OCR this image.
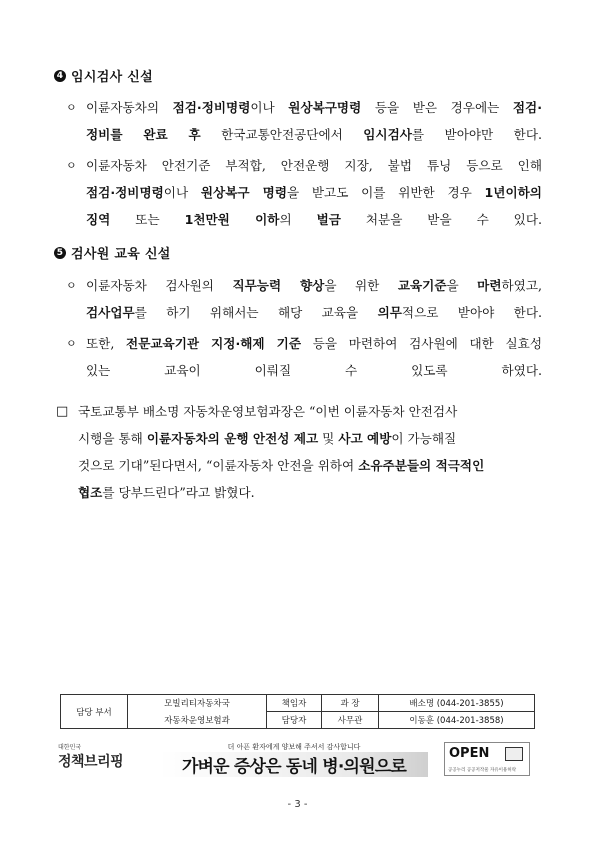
4 임시검사 신설
ㅇ 이륜자동차의 점검·정비명령이나 원상복구명령 등을 받은 경우에는 점검·
정비를 완료 후 한국교통안전공단에서 임시검사를 받아야만 한다.
ㅇ 이륜자동차 안전기준 부적합, 안전운행 지장, 불법 튜닝 등으로 인해
점검·정비명령이나 원상복구 명령을 받고도 이를 위반한 경우 1년이하의
징역 또는 1천만원 이하의 벌금 처분을 받을 수 있다.
5 검사원 교육 신설
ㅇ 이륜자동차 검사원의 직무능력 향상을 위한 교육기준을 마련하였고,
검사업무를 하기 위해서는 해당 교육을 의무적으로 받아야 한다.
ㅇ 또한, 전문교육기관 지정·해제 기준 등을 마련하여 검사원에 대한 실효성
있는 교육이 이뤄질 수 있도록 하였다.
□ 국토교통부 배소명 자동차운영보험과장은 “이번 이륜자동차 안전검사
시행을 통해 이륜자동차의 운행 안전성 제고 및 사고 예방이 가능해질
것으로 기대”된다면서, “이륜자동차 안전을 위하여 소유주분들의 적극적인
협조를 당부드린다”라고 밝혔다.
담당 부서	모빌리티자동차국	책임자	과 장	배소명 (044-201-3855)
	자동차운영보험과	담당자	사무관	이동훈 (044-201-3858)
대한민국
정책브리핑
더 아픈 환자에게 양보해 주셔서 감사합니다
가벼운 증상은 동네 병·의원으로
OPEN
공공누리 공공저작물 자유이용허락
- 3 -
